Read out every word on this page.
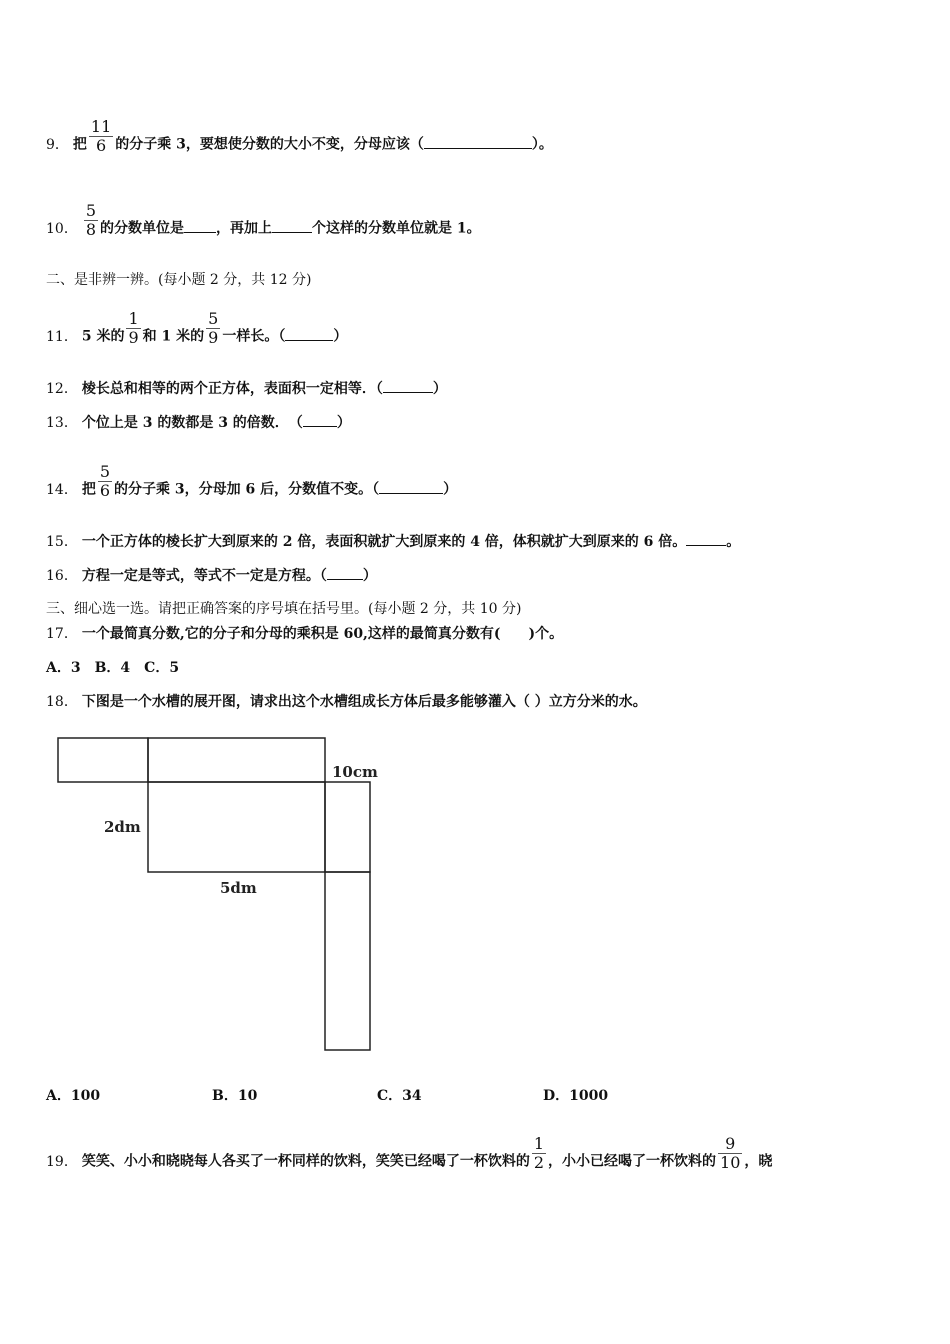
9． 把 $\frac{11}{6}$ 的分子乘 3，要想使分数的大小不变，分母应该（	）。
10． $\frac{5}{8}$ 的分数单位是 ，再加上	个这样的分数单位就是 1。
二、是非辨一辨。(每小题 2 分，共 12 分)
11． 5 米的 $\frac{1}{9}$ 和 1 米的 $\frac{5}{9}$ 一样长。（	）
12． 棱长总和相等的两个正方体，表面积一定相等．（	）
13． 个位上是 3 的数都是 3 的倍数．　（ ）
14． 把 $\frac{5}{6}$ 的分子乘 3，分母加 6 后，分数值不变。（	）
15． 一个正方体的棱长扩大到原来的 2 倍，表面积就扩大到原来的 4 倍，体积就扩大到原来的 6 倍。	。
16． 方程一定是等式，等式不一定是方程。（	）
三、细心选一选。请把正确答案的序号填在括号里。(每小题 2 分，共 10 分)
17． 一个最简真分数,它的分子和分母的乘积是 60,这样的最简真分数有(　　)个。
A．3　B．4　C．5
18． 下图是一个水槽的展开图，请求出这个水槽组成长方体后最多能够灌入（ ）立方分米的水。
10cm
2dm
5dm
A．100	B．10	C．34	D．1000
19． 笑笑、小小和晓晓每人各买了一杯同样的饮料，笑笑已经喝了一杯饮料的 $\frac{1}{2}$ ，小小已经喝了一杯饮料的 $\frac{9}{10}$ ，晓
